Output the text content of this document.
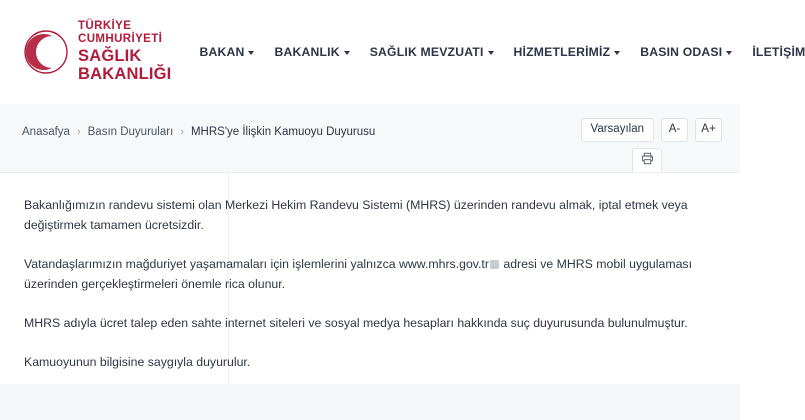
TÜRKİYE CUMHURİYETİ
SAĞLIK BAKANLIĞI
BAKAN BAKANLIK SAĞLIK MEVZUATI HİZMETLERİMİZ BASIN ODASI İLETİŞİM
Anasafya › Basın Duyuruları › MHRS'ye İlişkin Kamuoyu Duyurusu	Varsayılan	A-	A+

Bakanlığımızın randevu sistemi olan Merkezi Hekim Randevu Sistemi (MHRS) üzerinden randevu almak, iptal etmek veya değiştirmek tamamen ücretsizdir.

Vatandaşlarımızın mağduriyet yaşamamaları için işlemlerini yalnızca www.mhrs.gov.tr adresi ve MHRS mobil uygulaması üzerinden gerçekleştirmeleri önemle rica olunur.

MHRS adıyla ücret talep eden sahte internet siteleri ve sosyal medya hesapları hakkında suç duyurusunda bulunulmuştur.

Kamuoyunun bilgisine saygıyla duyurulur.
